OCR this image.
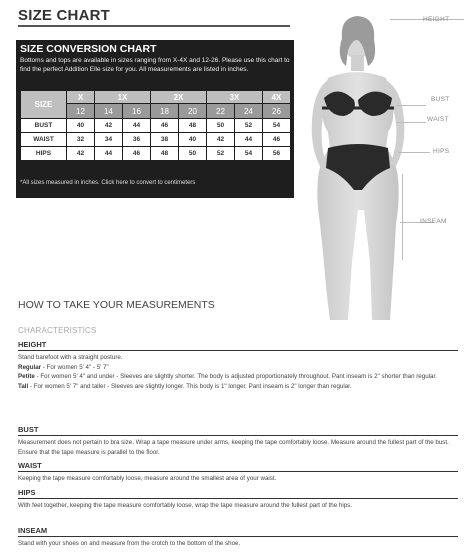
SIZE CHART
SIZE CONVERSION CHART
Bottoms and tops are available in sizes ranging from X-4X and 12-26. Please use this chart to find the perfect Addition Elle size for you. All measurements are listed in inches.
SIZE	X	1X		2X		3X		4X
	12	14	16	18	20	22	24	26
BUST	40	42	44	46	48	50	52	54
WAIST	32	34	36	38	40	42	44	46
HIPS	42	44	46	48	50	52	54	56
*All sizes measured in inches. Click here to convert to centimeters
HEIGHT
BUST
WAIST
HIPS
INSEAM
HOW TO TAKE YOUR MEASUREMENTS
CHARACTERISTICS
HEIGHT
Stand barefoot with a straight posture.
Regular - For women 5' 4" - 5' 7"
Petite - For women 5' 4" and under - Sleeves are slightly shorter. The body is adjusted proportionately throughout. Pant inseam is 2" shorter than regular.
Tall - For women 5' 7" and taller - Sleeves are slightly longer. This body is 1" longer. Pant inseam is 2" longer than regular.
BUST
Measurement does not pertain to bra size. Wrap a tape measure under arms, keeping the tape comfortably loose. Measure around the fullest part of the bust. Ensure that the tape measure is parallel to the floor.
WAIST
Keeping the tape measure comfortably loose, measure around the smallest area of your waist.
HIPS
With feet together, keeping the tape measure comfortably loose, wrap the tape measure around the fullest part of the hips.
INSEAM
Stand with your shoes on and measure from the crotch to the bottom of the shoe.
